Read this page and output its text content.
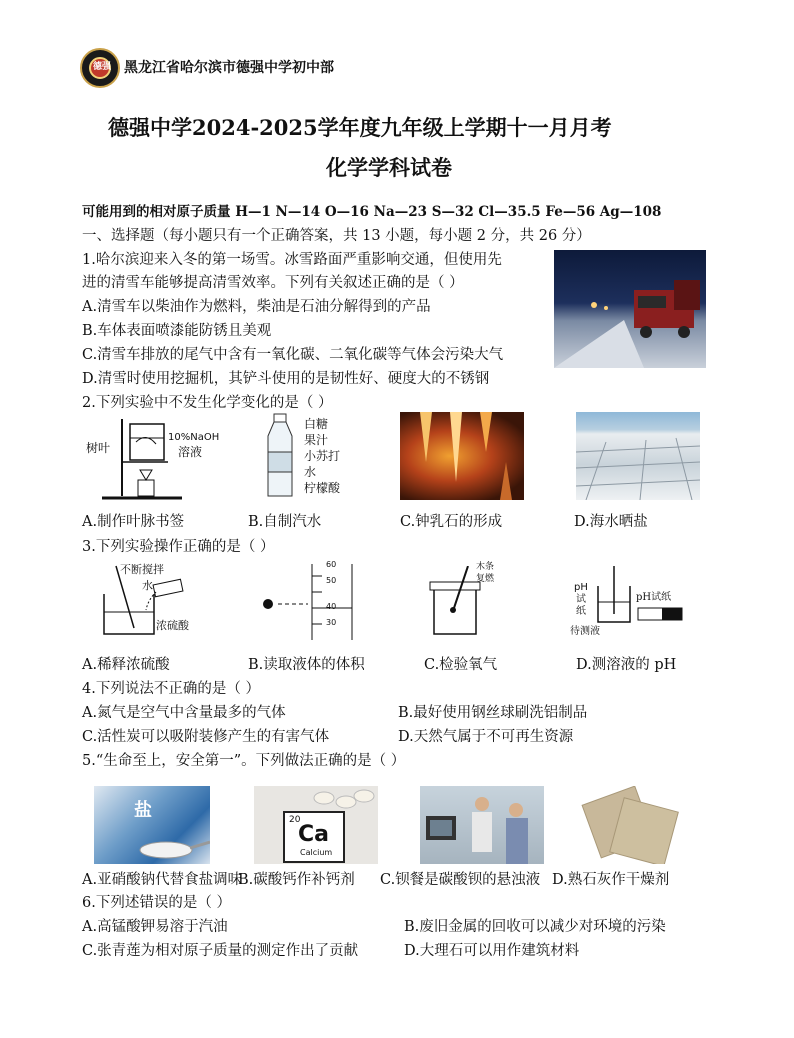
德强 黑龙江省哈尔滨市德强中学初中部
德强中学2024-2025学年度九年级上学期十一月月考
化学学科试卷
可能用到的相对原子质量 H—1 N—14 O—16 Na—23 S—32 Cl—35.5 Fe—56 Ag—108
一、选择题（每小题只有一个正确答案，共 13 小题，每小题 2 分，共 26 分）
1.哈尔滨迎来入冬的第一场雪。冰雪路面严重影响交通，但使用先
进的清雪车能够提高清雪效率。下列有关叙述正确的是（ ）
A.清雪车以柴油作为燃料，柴油是石油分解得到的产品
B.车体表面喷漆能防锈且美观
C.清雪车排放的尾气中含有一氧化碳、二氧化碳等气体会污染大气
D.清雪时使用挖掘机，其铲斗使用的是韧性好、硬度大的不锈钢
2.下列实验中不发生化学变化的是（ ）
树叶
10%NaOH
溶液
白糖
果汁
小苏打
水
柠檬酸
A.制作叶脉书签	B.自制汽水	C.钟乳石的形成	D.海水晒盐
3.下列实验操作正确的是（ ）
不断搅拌
水
浓硫酸
60
50
40
30
木条
复燃
pH
试
纸
pH试纸
待测液
A.稀释浓硫酸	B.读取液体的体积	C.检验氧气	D.测溶液的 pH
4.下列说法不正确的是（ ）
A.氮气是空气中含量最多的气体	B.最好使用钢丝球刷洗铝制品
C.活性炭可以吸附装修产生的有害气体	D.天然气属于不可再生资源
5.“生命至上，安全第一”。下列做法正确的是（ ）
盐	20
Ca
Calcium
A.亚硝酸钠代替食盐调味
B.碳酸钙作补钙剂 C.钡餐是碳酸钡的悬浊液 D.熟石灰作干燥剂
6.下列述错误的是（ ）
A.高锰酸钾易溶于汽油	B.废旧金属的回收可以减少对环境的污染
C.张青莲为相对原子质量的测定作出了贡献	D.大理石可以用作建筑材料
